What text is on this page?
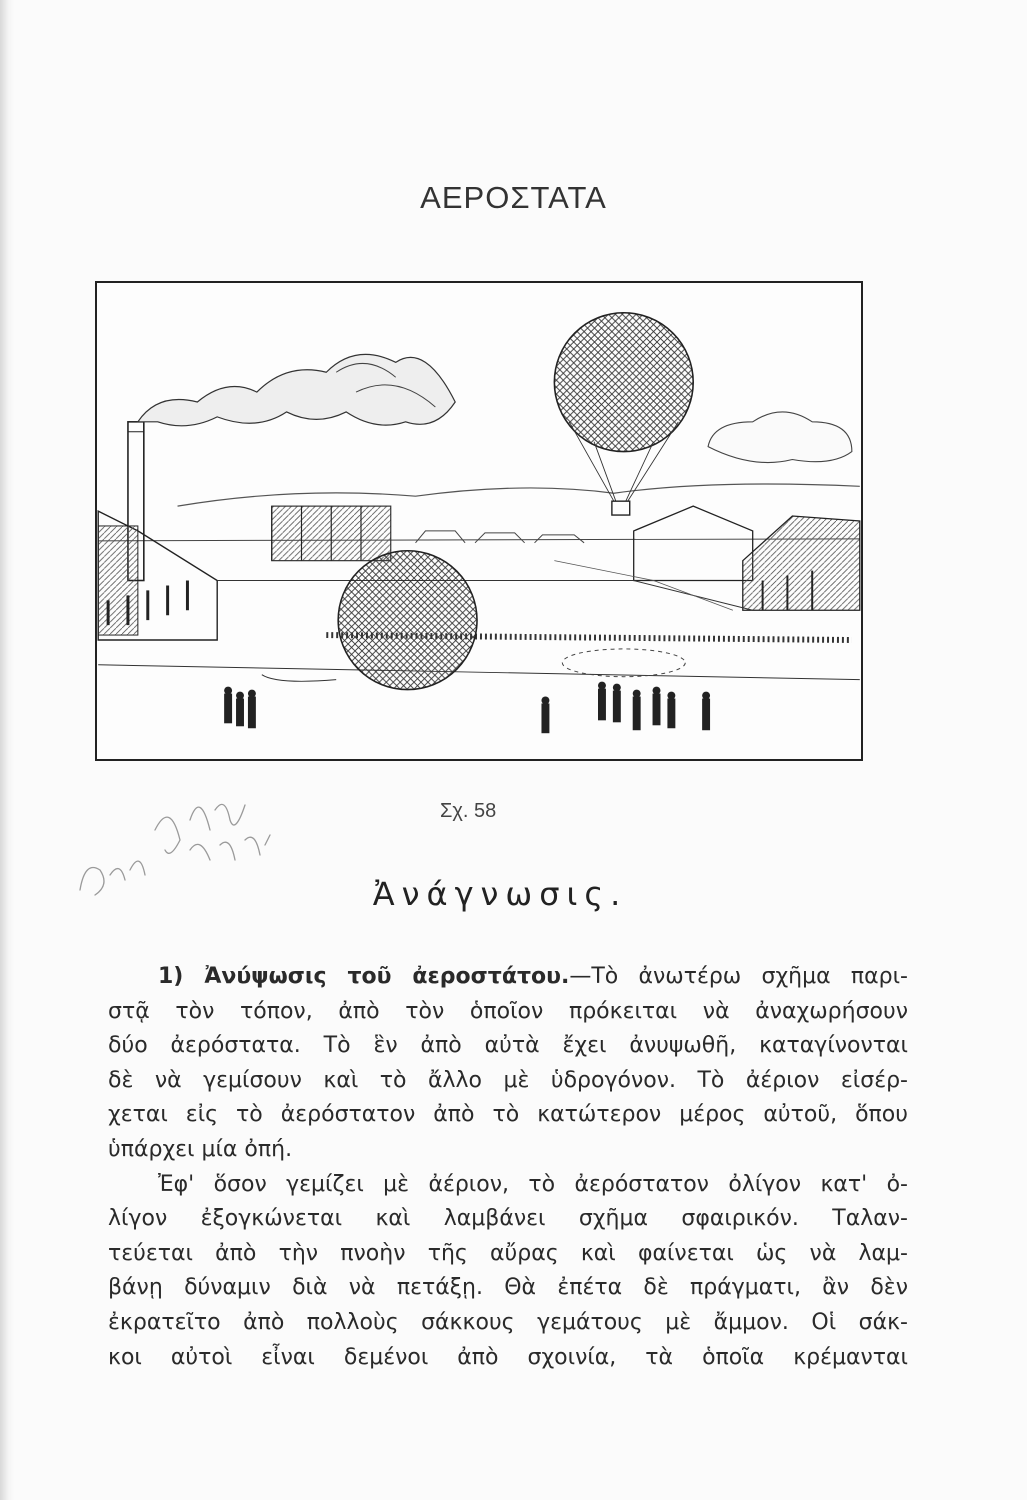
ΑΕΡΟΣΤΑΤΑ
Σχ. 58
Ἀνάγνωσις.
1) Ἀνύψωσις τοῦ ἀεροστάτου.—Τὸ ἀνωτέρω σχῆμα παρι-
στᾷ τὸν τόπον, ἀπὸ τὸν ὁποῖον πρόκειται νὰ ἀναχωρήσουν
δύο ἀερόστατα. Τὸ ἓν ἀπὸ αὐτὰ ἔχει ἀνυψωθῆ, καταγίνονται
δὲ νὰ γεμίσουν καὶ τὸ ἄλλο μὲ ὑδρογόνον. Τὸ ἀέριον εἰσέρ-
χεται εἰς τὸ ἀερόστατον ἀπὸ τὸ κατώτερον μέρος αὐτοῦ, ὅπου
ὑπάρχει μία ὀπή.
Ἐφ' ὅσον γεμίζει μὲ ἀέριον, τὸ ἀερόστατον ὀλίγον κατ' ὀ-
λίγον ἐξογκώνεται καὶ λαμβάνει σχῆμα σφαιρικόν. Ταλαν-
τεύεται ἀπὸ τὴν πνοὴν τῆς αὔρας καὶ φαίνεται ὡς νὰ λαμ-
βάνῃ δύναμιν διὰ νὰ πετάξῃ. Θὰ ἐπέτα δὲ πράγματι, ἂν δὲν
ἐκρατεῖτο ἀπὸ πολλοὺς σάκκους γεμάτους μὲ ἄμμον. Οἱ σάκ-
κοι αὐτοὶ εἶναι δεμένοι ἀπὸ σχοινία, τὰ ὁποῖα κρέμανται
